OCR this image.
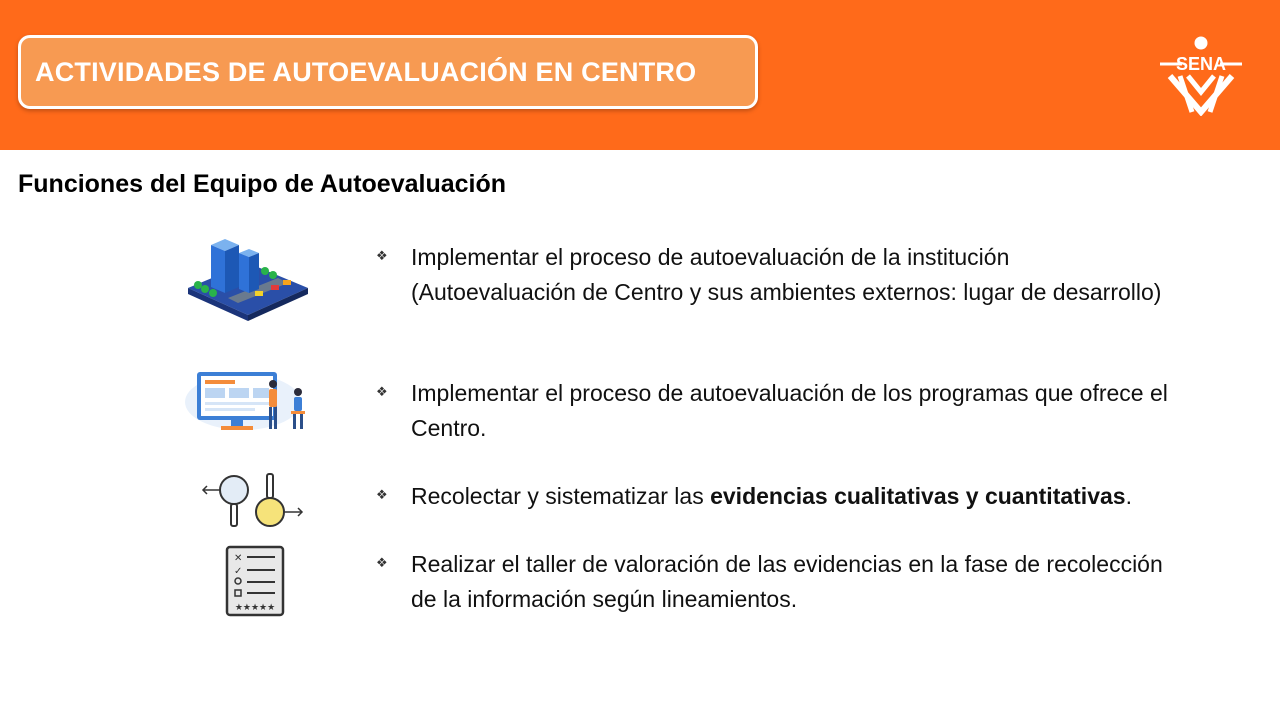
ACTIVIDADES DE AUTOEVALUACIÓN EN CENTRO	SENA
Funciones del Equipo de Autoevaluación
✕
✓
★★★★★
❖	Implementar el proceso de autoevaluación de la institución (Autoevaluación de Centro y sus ambientes externos: lugar de desarrollo)
❖	Implementar el proceso de autoevaluación de los programas que ofrece el Centro.
❖	Recolectar y sistematizar las evidencias cualitativas y cuantitativas.
❖	Realizar el taller de valoración de las evidencias en la fase de recolección de la información según lineamientos.
